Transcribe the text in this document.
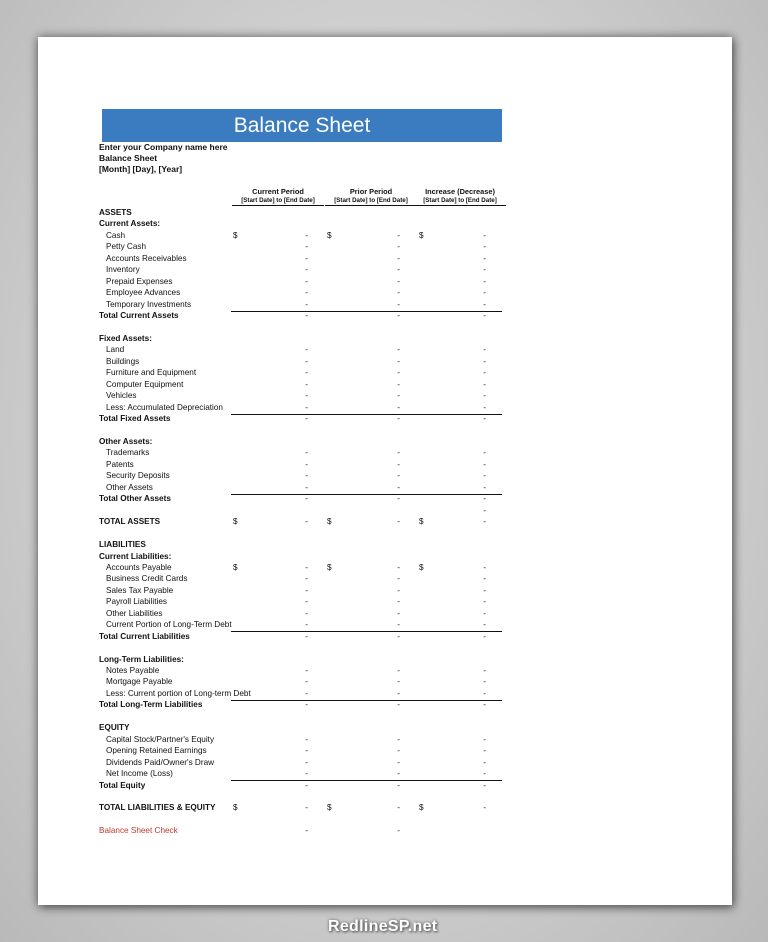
Balance Sheet
Enter your Company name here
Balance Sheet
[Month] [Day], [Year]
Current Period
[Start Date] to [End Date]
Prior Period
[Start Date] to [End Date]
Increase (Decrease)
[Start Date] to [End Date]
ASSETS
Current Assets:
Cash	$	- $	- $	-
Petty Cash	-	-	-
Accounts Receivables	-	-	-
Inventory	-	-	-
Prepaid Expenses	-	-	-
Employee Advances	-	-	-
Temporary Investments	-	-	-
Total Current Assets	-	-	-
Fixed Assets:
Land	-	-	-
Buildings	-	-	-
Furniture and Equipment	-	-	-
Computer Equipment	-	-	-
Vehicles	-	-	-
Less: Accumulated Depreciation	-	-	-
Total Fixed Assets	-	-	-
Other Assets:
Trademarks	-	-	-
Patents	-	-	-
Security Deposits	-	-	-
Other Assets	-	-	-
Total Other Assets	-	-	-
-
TOTAL ASSETS	$	- $	- $	-
LIABILITIES
Current Liabilities:
Accounts Payable	$	- $	- $	-
Business Credit Cards	-	-	-
Sales Tax Payable	-	-	-
Payroll Liabilities	-	-	-
Other Liabilities	-	-	-
Current Portion of Long-Term Debt	-	-	-
Total Current Liabilities	-	-	-
Long-Term Liabilities:
Notes Payable	-	-	-
Mortgage Payable	-	-	-
Less: Current portion of Long-term Debt	-	-	-
Total Long-Term Liabilities	-	-	-
EQUITY
Capital Stock/Partner's Equity	-	-	-
Opening Retained Earnings	-	-	-
Dividends Paid/Owner's Draw	-	-	-
Net Income (Loss)	-	-	-
Total Equity	-	-	-
TOTAL LIABILITIES & EQUITY $	- $	- $	-
Balance Sheet Check	-	-
RedlineSP.net
